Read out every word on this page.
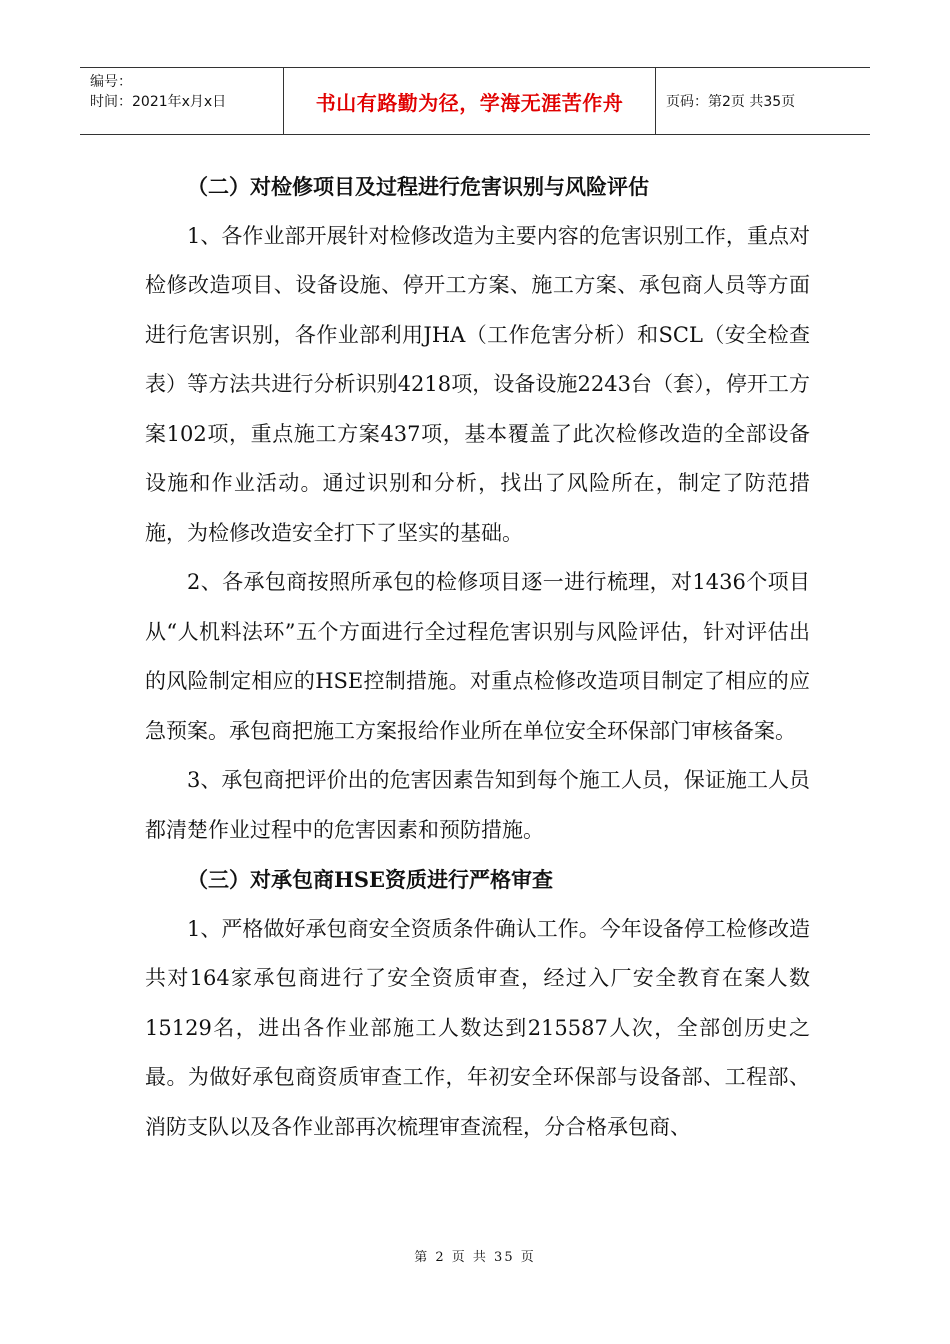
编号：
时间：2021年x月x日	书山有路勤为径，学海无涯苦作舟	页码：第2页 共35页

（二）对检修项目及过程进行危害识别与风险评估

1、各作业部开展针对检修改造为主要内容的危害识别工作，重点对检修改造项目、设备设施、停开工方案、施工方案、承包商人员等方面进行危害识别，各作业部利用JHA（工作危害分析）和SCL（安全检查表）等方法共进行分析识别4218项，设备设施2243台（套），停开工方案102项，重点施工方案437项，基本覆盖了此次检修改造的全部设备设施和作业活动。通过识别和分析，找出了风险所在，制定了防范措施，为检修改造安全打下了坚实的基础。

2、各承包商按照所承包的检修项目逐一进行梳理，对1436个项目从“人机料法环”五个方面进行全过程危害识别与风险评估，针对评估出的风险制定相应的HSE控制措施。对重点检修改造项目制定了相应的应急预案。承包商把施工方案报给作业所在单位安全环保部门审核备案。

3、承包商把评价出的危害因素告知到每个施工人员，保证施工人员都清楚作业过程中的危害因素和预防措施。

（三）对承包商HSE资质进行严格审查

1、严格做好承包商安全资质条件确认工作。今年设备停工检修改造共对164家承包商进行了安全资质审查，经过入厂安全教育在案人数15129名，进出各作业部施工人数达到215587人次，全部创历史之最。为做好承包商资质审查工作，年初安全环保部与设备部、工程部、消防支队以及各作业部再次梳理审查流程，分合格承包商、

第 2 页 共 35 页
